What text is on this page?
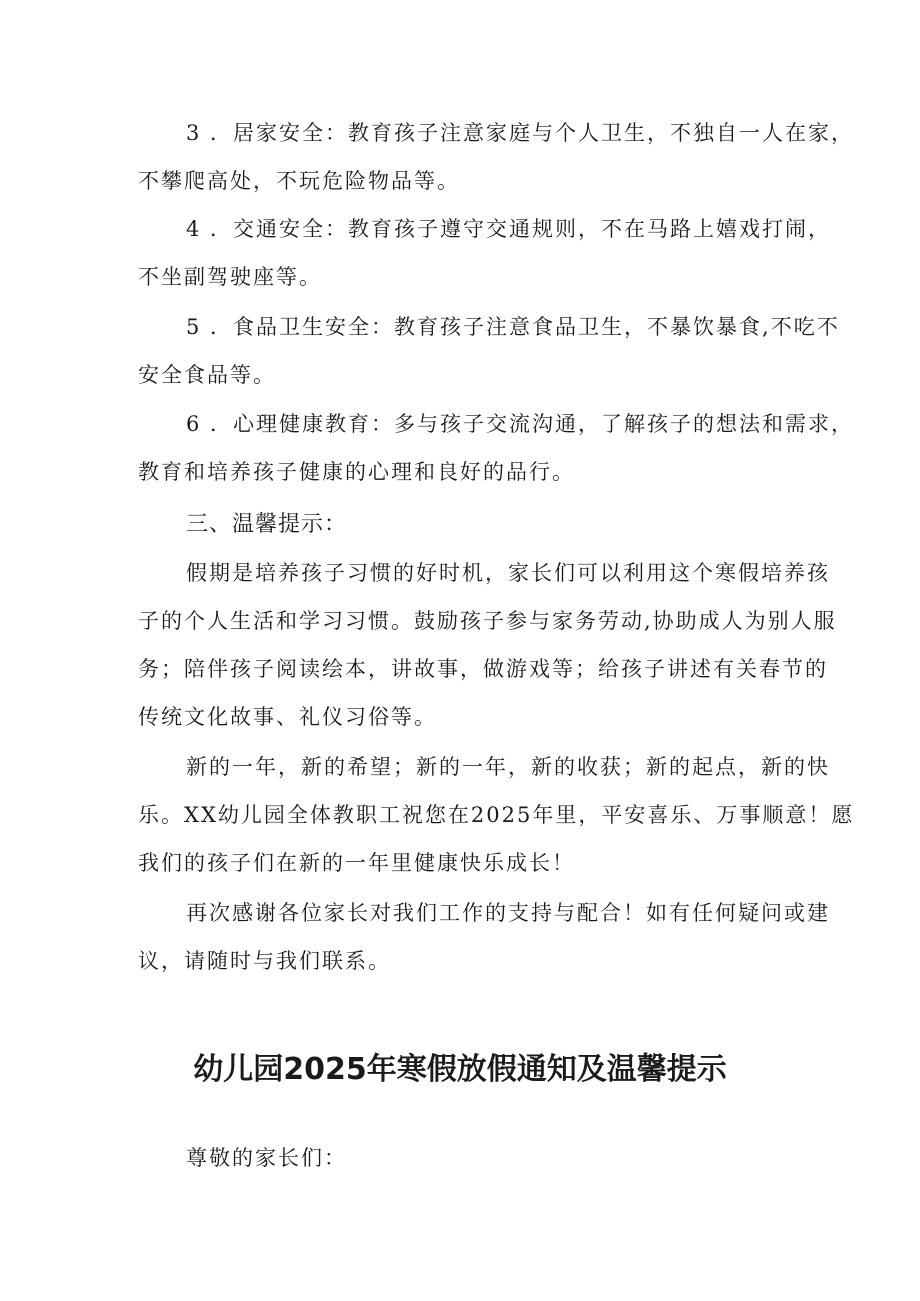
3 ．居家安全：教育孩子注意家庭与个人卫生，不独自一人在家，

不攀爬高处，不玩危险物品等。

4 ．交通安全：教育孩子遵守交通规则，不在马路上嬉戏打闹，

不坐副驾驶座等。

5 ．食品卫生安全：教育孩子注意食品卫生，不暴饮暴食,不吃不

安全食品等。

6 ．心理健康教育：多与孩子交流沟通，了解孩子的想法和需求，

教育和培养孩子健康的心理和良好的品行。

三、温馨提示：

假期是培养孩子习惯的好时机，家长们可以利用这个寒假培养孩

子的个人生活和学习习惯。鼓励孩子参与家务劳动,协助成人为别人服

务；陪伴孩子阅读绘本，讲故事，做游戏等；给孩子讲述有关春节的

传统文化故事、礼仪习俗等。

新的一年，新的希望；新的一年，新的收获；新的起点，新的快

乐。XX幼儿园全体教职工祝您在2025年里，平安喜乐、万事顺意！愿

我们的孩子们在新的一年里健康快乐成长！

再次感谢各位家长对我们工作的支持与配合！如有任何疑问或建

议，请随时与我们联系。

幼儿园2025年寒假放假通知及温馨提示

尊敬的家长们：
